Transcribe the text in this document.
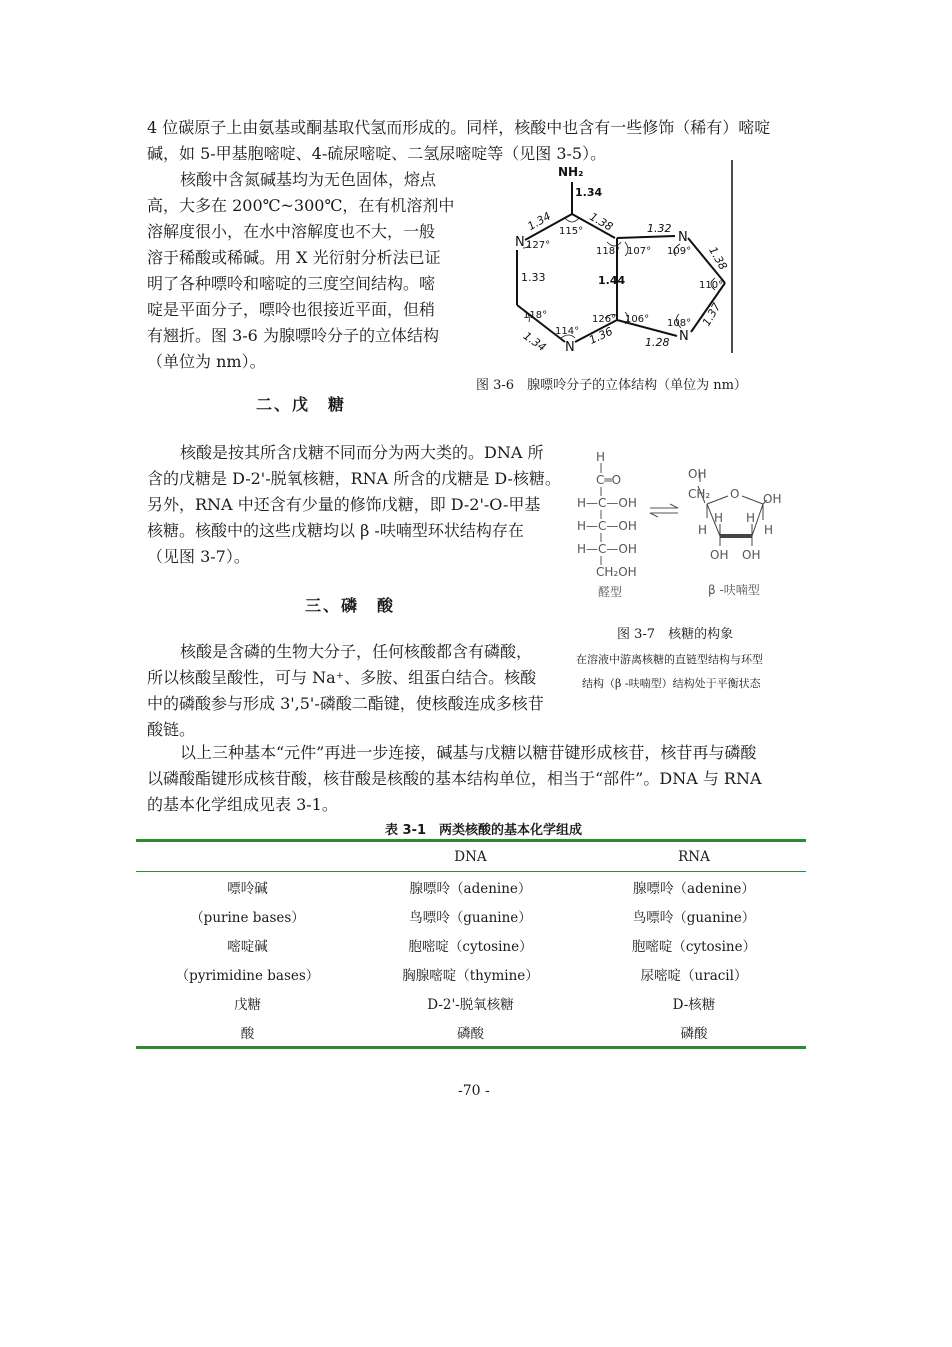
4 位碳原子上由氨基或酮基取代氢而形成的。同样，核酸中也含有一些修饰（稀有）嘧啶

碱，如 5-甲基胞嘧啶、4-硫尿嘧啶、二氢尿嘧啶等（见图 3-5）。

核酸中含氮碱基均为无色固体，熔点

高，大多在 200℃~300℃，在有机溶剂中

溶解度很小，在水中溶解度也不大，一般

溶于稀酸或稀碱。用 X 光衍射分析法已证

明了各种嘌呤和嘧啶的三度空间结构。嘧

啶是平面分子，嘌呤也很接近平面，但稍

有翘折。图 3-6 为腺嘌呤分子的立体结构

（单位为 nm）。

NH₂
1.34
1.34	1.38	1.32
1.38
1.33	1.44
1.37
1.34	1.36	1.28
115°
N 127°
118° 107° 109°
N
110°
118°	126° 106° 108°
114°
N
N
图 3-6　腺嘌呤分子的立体结构（单位为 nm）
二、戊　糖

核酸是按其所含戊糖不同而分为两大类的。DNA 所

含的戊糖是 D-2'-脱氧核糖，RNA 所含的戊糖是 D-核糖。

另外，RNA 中还含有少量的修饰戊糖，即 D-2'-O-甲基

核糖。核酸中的这些戊糖均以 β -呋喃型环状结构存在

（见图 3-7）。

H
C═O
H—C—OH
H—C—OH
H—C—OH
CH₂OH
醛型
OH
CH₂ O OH
H
H H
H
OH OH
β -呋喃型
图 3-7　核糖的构象
在溶液中游离核糖的直链型结构与环型
结构（β -呋喃型）结构处于平衡状态
三、磷　酸

核酸是含磷的生物大分子，任何核酸都含有磷酸，

所以核酸呈酸性，可与 Na⁺、多胺、组蛋白结合。核酸

中的磷酸参与形成 3',5'-磷酸二酯键，使核酸连成多核苷

酸链。

以上三种基本“元件”再进一步连接，碱基与戊糖以糖苷键形成核苷，核苷再与磷酸

以磷酸酯键形成核苷酸，核苷酸是核酸的基本结构单位，相当于“部件”。DNA 与 RNA

的基本化学组成见表 3-1。

表 3-1　两类核酸的基本化学组成
	DNA	RNA
嘌呤碱	腺嘌呤（adenine）	腺嘌呤（adenine）
（purine bases）	鸟嘌呤（guanine）	鸟嘌呤（guanine）
嘧啶碱	胞嘧啶（cytosine）	胞嘧啶（cytosine）
（pyrimidine bases）	胸腺嘧啶（thymine）	尿嘧啶（uracil）
戊糖	D-2'-脱氧核糖	D-核糖
酸	磷酸	磷酸
-70 -
